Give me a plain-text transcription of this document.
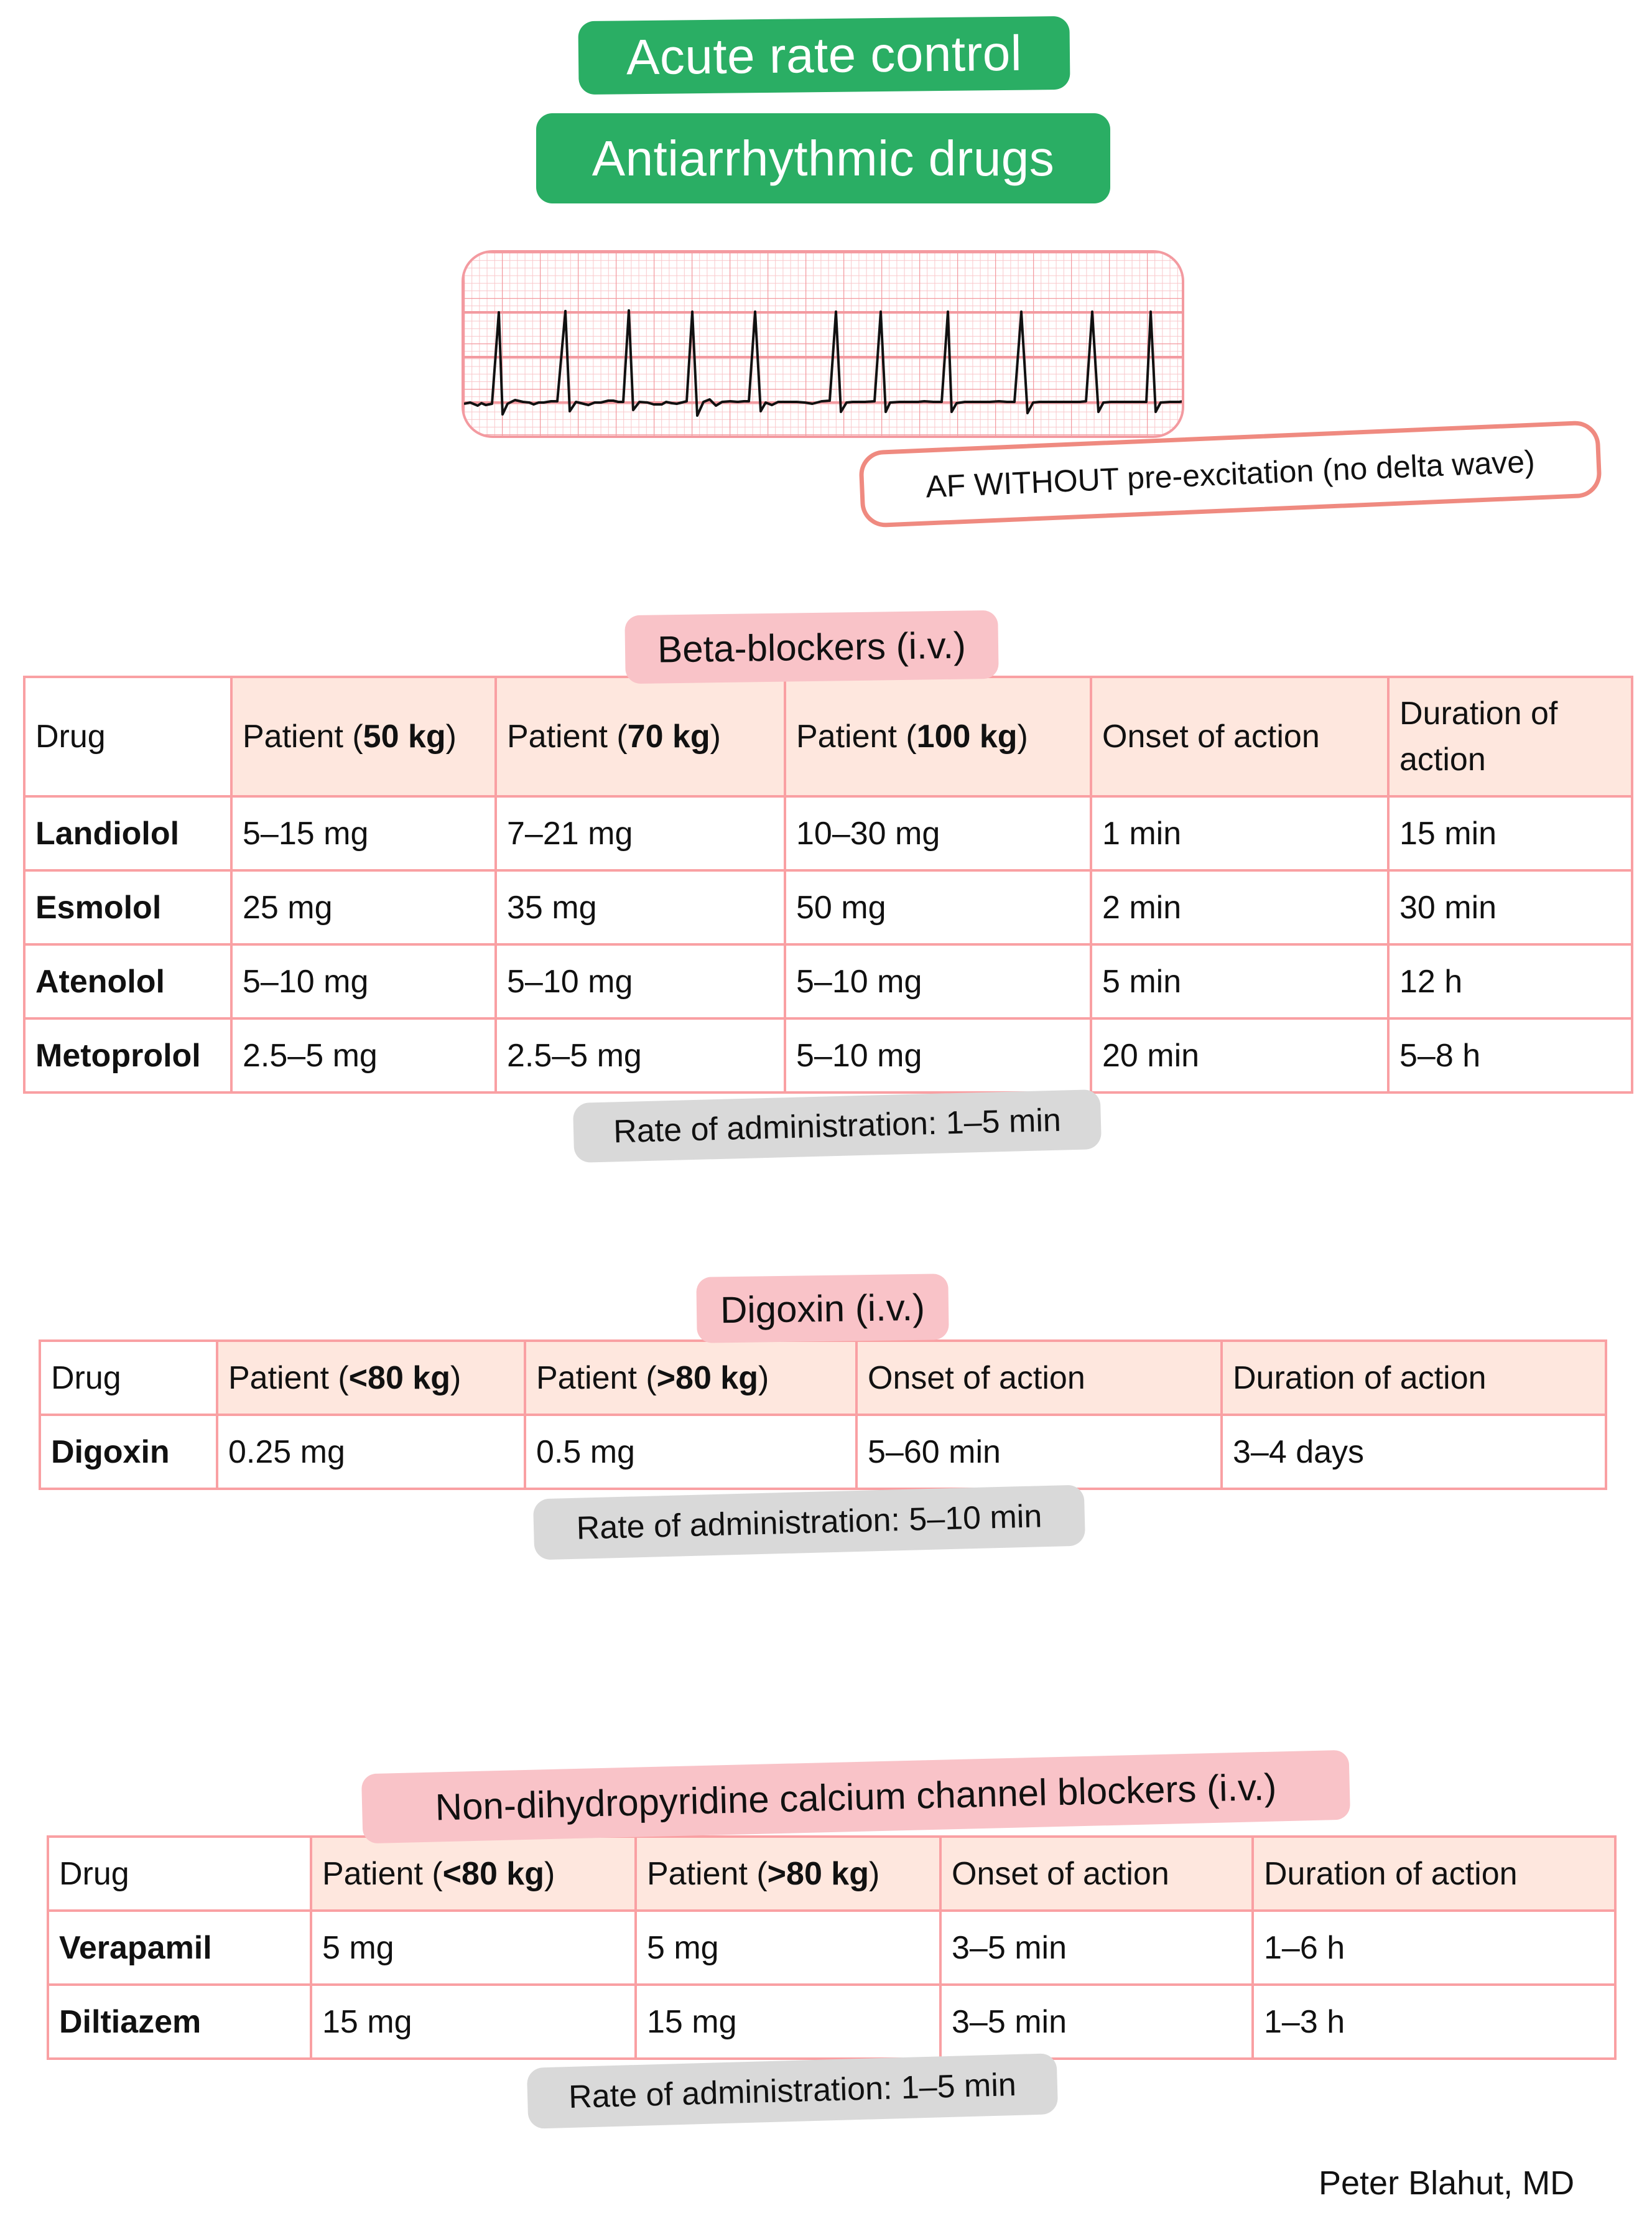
Acute rate control
Antiarrhythmic drugs
AF WITHOUT pre-excitation (no delta wave)
Drug	Patient (50 kg)	Patient (70 kg)	Patient (100 kg)	Onset of action	Duration of action
Landiolol	5–15 mg	7–21 mg	10–30 mg	1 min	15 min
Esmolol	25 mg	35 mg	50 mg	2 min	30 min
Atenolol	5–10 mg	5–10 mg	5–10 mg	5 min	12 h
Metoprolol	2.5–5 mg	2.5–5 mg	5–10 mg	20 min	5–8 h
Beta-blockers (i.v.)
Rate of administration: 1–5 min
Drug	Patient (<80 kg)	Patient (>80 kg)	Onset of action	Duration of action
Digoxin	0.25 mg	0.5 mg	5–60 min	3–4 days
Digoxin (i.v.)
Rate of administration: 5–10 min
Drug	Patient (<80 kg)	Patient (>80 kg)	Onset of action	Duration of action
Verapamil	5 mg	5 mg	3–5 min	1–6 h
Diltiazem	15 mg	15 mg	3–5 min	1–3 h
Non-dihydropyridine calcium channel blockers (i.v.)
Rate of administration: 1–5 min
Peter Blahut, MD
